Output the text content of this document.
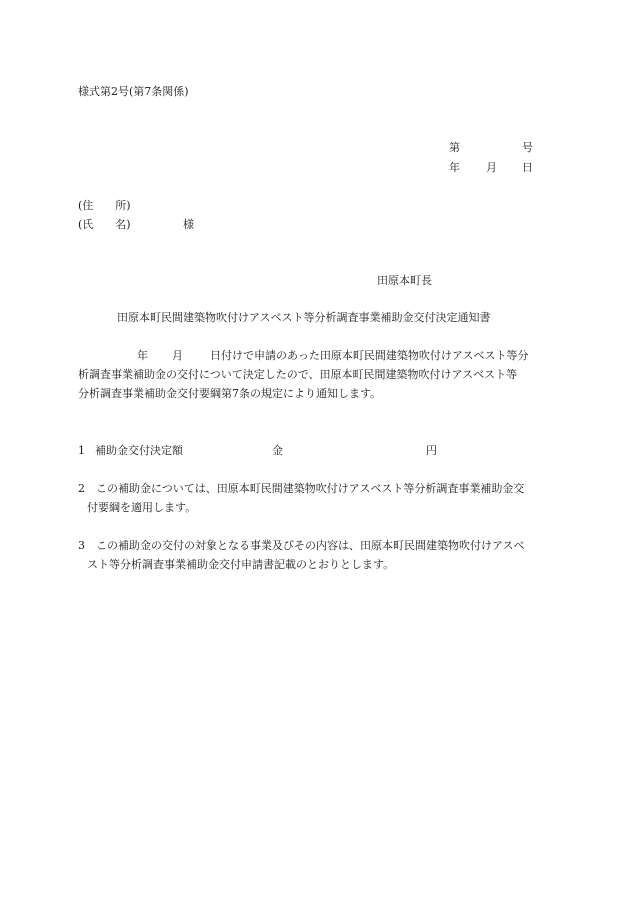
様式第2号(第7条関係)
第	号
年 月 日
(住　　所)
(氏　　名)	様
田原本町長
田原本町民間建築物吹付けアスベスト等分析調査事業補助金交付決定通知書
年 月 日付けで申請のあった田原本町民間建築物吹付けアスベスト等分
析調査事業補助金の交付について決定したので、田原本町民間建築物吹付けアスベスト等
分析調査事業補助金交付要綱第7条の規定により通知します。
1 補助金交付決定額	金	円
2　この補助金については、田原本町民間建築物吹付けアスベスト等分析調査事業補助金交
付要綱を適用します。
3　この補助金の交付の対象となる事業及びその内容は、田原本町民間建築物吹付けアスベ
スト等分析調査事業補助金交付申請書記載のとおりとします。
